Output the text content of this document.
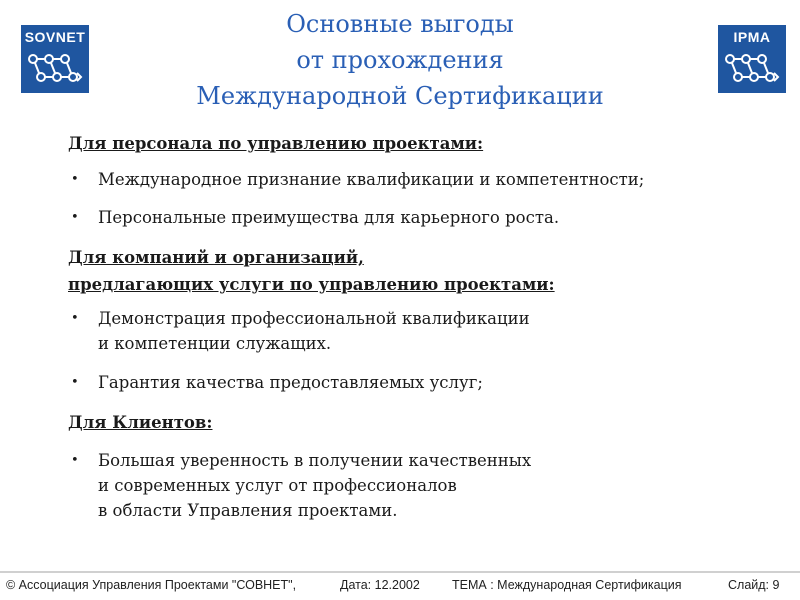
SOVNET	IPMA
Основные выгоды
от прохождения
Международной Сертификации
Для персонала по управлению проектами:
• Международное признание квалификации и компетентности;
• Персональные преимущества для карьерного роста.
Для компаний и организаций,
предлагающих услуги по управлению проектами:
• Демонстрация профессиональной квалификации
и компетенции служащих.
• Гарантия качества предоставляемых услуг;
Для Клиентов:
• Большая уверенность в получении качественных
и современных услуг от профессионалов
в области Управления проектами.
© Ассоциация Управления Проектами "СОВНЕТ",	Дата: 12.2002	ТЕМА : Международная Сертификация	Слайд: 9
